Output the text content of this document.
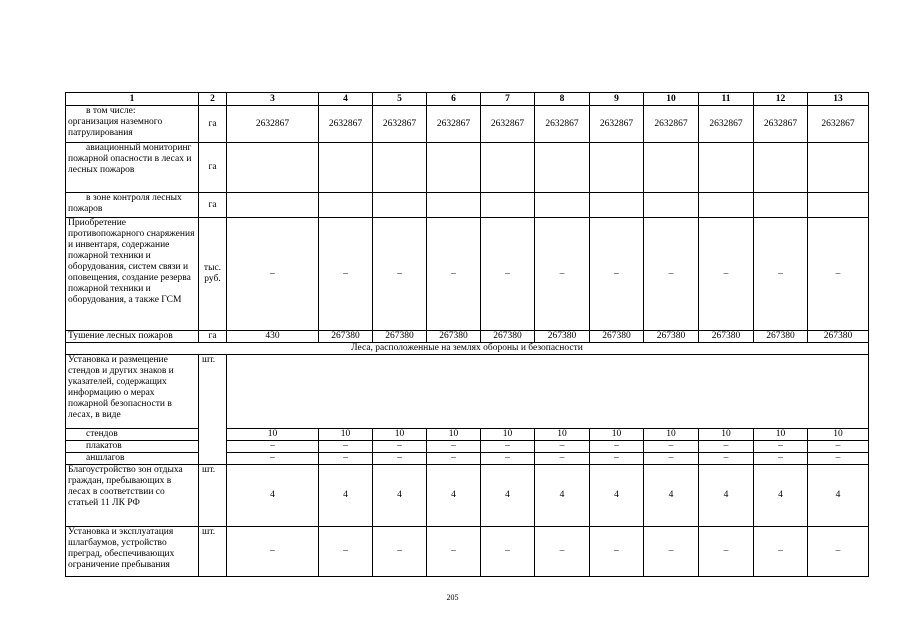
1	2	3	4	5	6	7	8	9	10	11	12	13

в том числе:
организация наземного патрулирования	га	2632867	2632867	2632867	2632867	2632867	2632867	2632867	2632867	2632867	2632867	2632867

авиационный мониторинг пожарной опасности в лесах и лесных пожаров	га											

в зоне контроля лесных пожаров	га											
Приобретение противопожарного снаряжения и инвентаря, содержание пожарной техники и оборудования, систем связи и оповещения, создание резерва пожарной техники и оборудования, а также ГСМ	тыс. руб.	–	–	–	–	–	–	–	–	–	–	–
Тушение лесных пожаров	га	430	267380	267380	267380	267380	267380	267380	267380	267380	267380	267380
Леса, расположенные на землях обороны и безопасности												
Установка и размещение стендов и других знаков и указателей, содержащих информацию о мерах пожарной безопасности в лесах, в виде	шт.											

стендов		10	10	10	10	10	10	10	10	10	10	10

плакатов		–	–	–	–	–	–	–	–	–	–	–

аншлагов		–	–	–	–	–	–	–	–	–	–	–
Благоустройство зон отдыха граждан, пребывающих в лесах в соответствии со статьей 11 ЛК РФ	шт.	4	4	4	4	4	4	4	4	4	4	4
Установка и эксплуатация шлагбаумов, устройство преград, обеспечивающих ограничение пребывания	шт.	–	–	–	–	–	–	–	–	–	–	–
205
